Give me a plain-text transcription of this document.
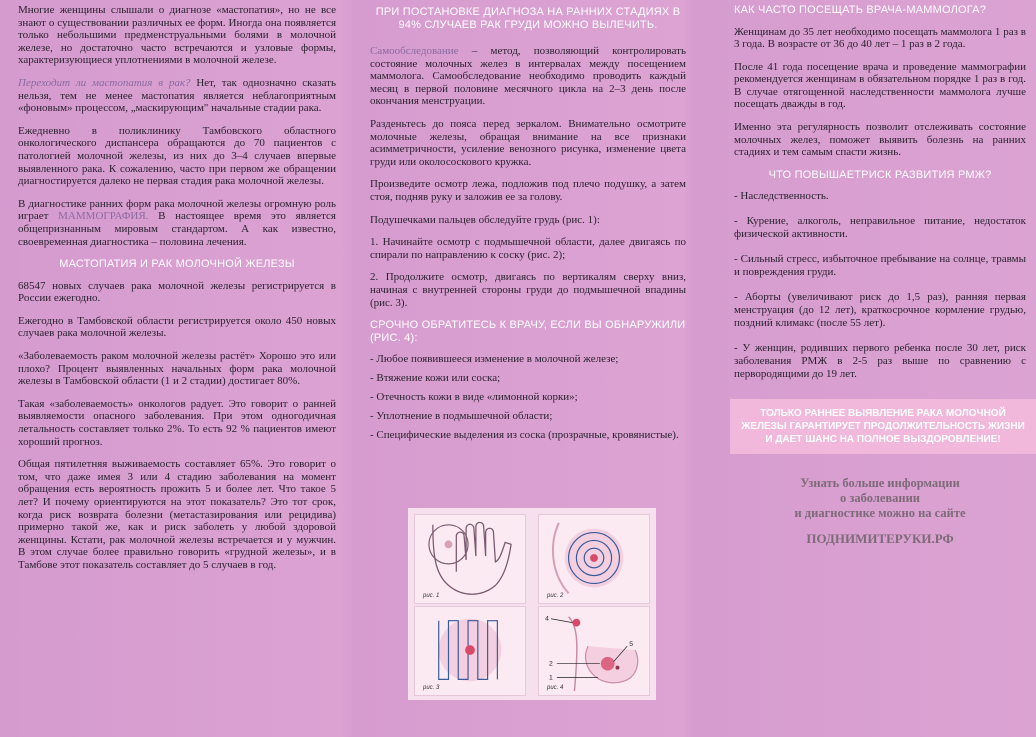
Многие женщины слышали о диагнозе «мастопатия», но не все знают о существовании различных ее форм. Иногда она появляется только небольшими предменструальными болями в молочной железе, но достаточно часто встречаются и узловые формы, характеризующиеся уплотнениями в молочной железе.

Переходит ли мастопатия в рак? Нет, так однозначно сказать нельзя, тем не менее мастопатия является неблагоприятным «фоновым» процессом, „маскирующим" начальные стадии рака.

Ежедневно в поликлинику Тамбовского областного онкологического диспансера обращаются до 70 пациентов с патологией молочной железы, из них до 3–4 случаев впервые выявленного рака. К сожалению, часто при первом же обращении диагностируется далеко не первая стадия рака молочной железы.

В диагностике ранних форм рака молочной железы огромную роль играет МАММОГРАФИЯ. В настоящее время это является общепризнанным мировым стандартом. А как известно, своевременная диагностика – половина лечения.

МАСТОПАТИЯ И РАК МОЛОЧНОЙ ЖЕЛЕЗЫ

68547 новых случаев рака молочной железы регистрируется в России ежегодно.

Ежегодно в Тамбовской области регистрируется около 450 новых случаев рака молочной железы.

«Заболеваемость раком молочной железы растёт» Хорошо это или плохо? Процент выявленных начальных форм рака молочной железы в Тамбовской области (1 и 2 стадии) достигает 80%.

Такая «заболеваемость» онкологов радует. Это говорит о ранней выявляемости опасного заболевания. При этом одногодичная летальность составляет только 2%. То есть 92 % пациентов имеют хороший прогноз.

Общая пятилетняя выживаемость составляет 65%. Это говорит о том, что даже имея 3 или 4 стадию заболевания на момент обращения есть вероятность прожить 5 и более лет. Что такое 5 лет? И почему ориентируются на этот показатель? Это тот срок, когда риск возврата болезни (метастазирования или рецидива) примерно такой же, как и риск заболеть у любой здоровой женщины. Кстати, рак молочной железы встречается и у мужчин. В этом случае более правильно говорить «грудной железы», и в Тамбове этот показатель составляет до 5 случаев в год.

ПРИ ПОСТАНОВКЕ ДИАГНОЗА НА РАННИХ СТАДИЯХ В 94% СЛУЧАЕВ РАК ГРУДИ МОЖНО ВЫЛЕЧИТЬ.

Самообследование – метод, позволяющий контролировать состояние молочных желез в интервалах между посещением маммолога. Самообследование необходимо проводить каждый месяц в первой половине месячного цикла на 2–3 день после окончания менструации.

Разденьтесь до пояса перед зеркалом. Внимательно осмотрите молочные железы, обращая внимание на все признаки асимметричности, усиление венозного рисунка, изменение цвета груди или околососкового кружка.

Произведите осмотр лежа, подложив под плечо подушку, а затем стоя, подняв руку и заложив ее за голову.

Подушечками пальцев обследуйте грудь (рис. 1):

1. Начинайте осмотр с подмышечной области, далее двигаясь по спирали по направлению к соску (рис. 2);

2. Продолжите осмотр, двигаясь по вертикалям сверху вниз, начиная с внутренней стороны груди до подмышечной впадины (рис. 3).

СРОЧНО ОБРАТИТЕСЬ К ВРАЧУ, ЕСЛИ ВЫ ОБНАРУЖИЛИ (РИС. 4):
- Любое появившееся изменение в молочной железе;
- Втяжение кожи или соска;
- Отечность кожи в виде «лимонной корки»;
- Уплотнение в подмышечной области;
- Специфические выделения из соска (прозрачные, кровянистые).
рис. 1	рис. 2
рис. 3
4
5
2
1
рис. 4
КАК ЧАСТО ПОСЕЩАТЬ ВРАЧА-МАММОЛОГА?

Женщинам до 35 лет необходимо посещать маммолога 1 раз в 3 года. В возрасте от 36 до 40 лет – 1 раз в 2 года.

После 41 года посещение врача и проведение маммографии рекомендуется женщинам в обязательном порядке 1 раз в год. В случае отягощенной наследственности маммолога лучше посещать дважды в год.

Именно эта регулярность позволит отслеживать состояние молочных желез, поможет выявить болезнь на ранних стадиях и тем самым спасти жизнь.

ЧТО ПОВЫШАЕТРИСК РАЗВИТИЯ РМЖ?
- Наследственность.
- Курение, алкоголь, неправильное питание, недостаток физической активности.
- Сильный стресс, избыточное пребывание на солнце, травмы и повреждения груди.
- Аборты (увеличивают риск до 1,5 раз), ранняя первая менструация (до 12 лет), краткосрочное кормление грудью, поздний климакс (после 55 лет).
- У женщин, родивших первого ребенка после 30 лет, риск заболевания РМЖ в 2-5 раз выше по сравнению с первородящими до 19 лет.
ТОЛЬКО РАННЕЕ ВЫЯВЛЕНИЕ РАКА МОЛОЧНОЙ ЖЕЛЕЗЫ ГАРАНТИРУЕТ ПРОДОЛЖИТЕЛЬНОСТЬ ЖИЗНИ И ДАЕТ ШАНС НА ПОЛНОЕ ВЫЗДОРОВЛЕНИЕ!
Узнать больше информации
о заболевании
и диагностике можно на сайте
ПОДНИМИТЕРУКИ.РФ
